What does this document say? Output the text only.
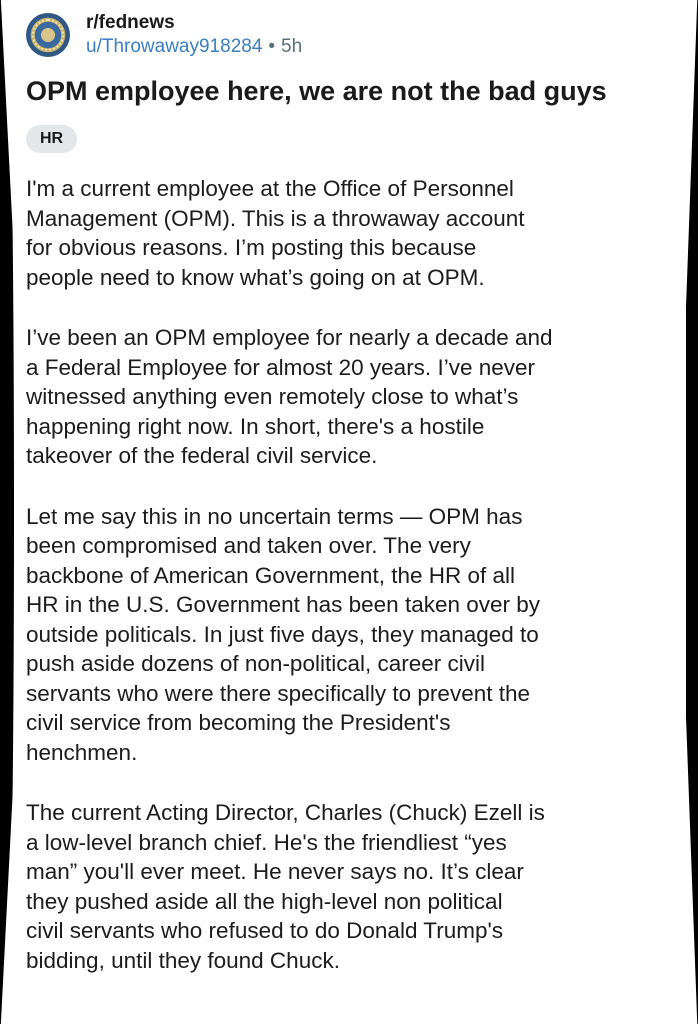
r/fednews
u/Throwaway918284 • 5h
OPM employee here, we are not the bad guys
HR

I'm a current employee at the Office of Personnel
Management (OPM). This is a throwaway account
for obvious reasons. I’m posting this because
people need to know what’s going on at OPM.

I’ve been an OPM employee for nearly a decade and
a Federal Employee for almost 20 years. I’ve never
witnessed anything even remotely close to what’s
happening right now. In short, there's a hostile
takeover of the federal civil service.

Let me say this in no uncertain terms — OPM has
been compromised and taken over. The very
backbone of American Government, the HR of all
HR in the U.S. Government has been taken over by
outside politicals. In just five days, they managed to
push aside dozens of non-political, career civil
servants who were there specifically to prevent the
civil service from becoming the President's
henchmen.

The current Acting Director, Charles (Chuck) Ezell is
a low-level branch chief. He's the friendliest “yes
man” you'll ever meet. He never says no. It’s clear
they pushed aside all the high-level non political
civil servants who refused to do Donald Trump's
bidding, until they found Chuck.
